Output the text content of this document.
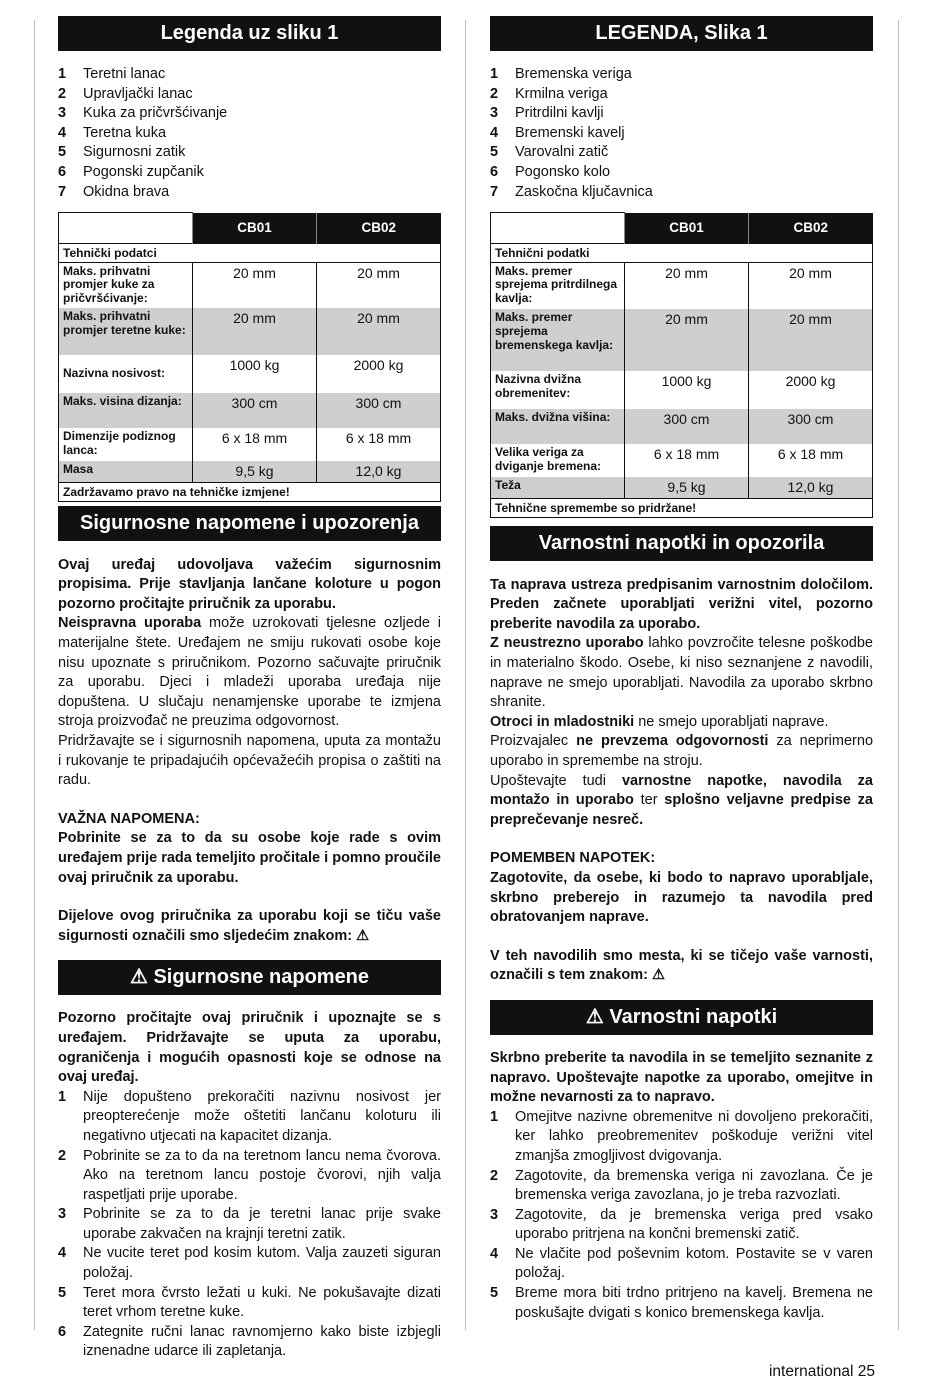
Legenda uz sliku 1
1	Teretni lanac
2	Upravljački lanac
3	Kuka za pričvršćivanje
4	Teretna kuka
5	Sigurnosni zatik
6	Pogonski zupčanik
7	Okidna brava
	CB01	CB02
Tehnički podatci		
Maks. prihvatni promjer kuke za pričvršćivanje:	20 mm	20 mm
Maks. prihvatni promjer teretne kuke:	20 mm	20 mm
Nazivna nosivost:	1000 kg	2000 kg
Maks. visina dizanja:	300 cm	300 cm
Dimenzije podiznog lanca:	6 x 18 mm	6 x 18 mm
Masa	9,5 kg	12,0 kg
Zadržavamo pravo na tehničke izmjene!		
Sigurnosne napomene i upozorenja

Ovaj uređaj udovoljava važećim sigurnosnim propisima. Prije stavljanja lančane koloture u pogon pozorno pročitajte priručnik za uporabu.

Neispravna uporaba može uzrokovati tjelesne ozljede i materijalne štete. Uređajem ne smiju rukovati osobe koje nisu upoznate s priručnikom. Pozorno sačuvajte priručnik za uporabu. Djeci i mladeži uporaba uređaja nije dopuštena. U slučaju nenamjenske uporabe te izmjena stroja proizvođač ne preuzima odgovornost.

Pridržavajte se i sigurnosnih napomena, uputa za montažu i rukovanje te pripadajućih općevažećih propisa o zaštiti na radu.

VAŽNA NAPOMENA:

Pobrinite se za to da su osobe koje rade s ovim uređajem prije rada temeljito pročitale i pomno proučile ovaj priručnik za uporabu.

Dijelove ovog priručnika za uporabu koji se tiču vaše sigurnosti označili smo sljedećim znakom: ⚠

⚠ Sigurnosne napomene

Pozorno pročitajte ovaj priručnik i upoznajte se s uređajem. Pridržavajte se uputa za uporabu, ograničenja i mogućih opasnosti koje se odnose na ovaj uređaj.

1	Nije dopušteno prekoračiti nazivnu nosivost jer preopterećenje može oštetiti lančanu koloturu ili negativno utjecati na kapacitet dizanja.
2	Pobrinite se za to da na teretnom lancu nema čvorova. Ako na teretnom lancu postoje čvorovi, njih valja raspetljati prije uporabe.
3	Pobrinite se za to da je teretni lanac prije svake uporabe zakvačen na krajnji teretni zatik.
4	Ne vucite teret pod kosim kutom. Valja zauzeti siguran položaj.
5	Teret mora čvrsto ležati u kuki. Ne pokušavajte dizati teret vrhom teretne kuke.
6	Zategnite ručni lanac ravnomjerno kako biste izbjegli iznenadne udarce ili zapletanja.
LEGENDA, Slika 1
1	Bremenska veriga
2	Krmilna veriga
3	Pritrdilni kavlji
4	Bremenski kavelj
5	Varovalni zatič
6	Pogonsko kolo
7	Zaskočna ključavnica
	CB01	CB02
Tehnični podatki		
Maks. premer sprejema pritrdilnega kavlja:	20 mm	20 mm
Maks. premer sprejema bremenskega kavlja:	20 mm	20 mm
Nazivna dvižna obremenitev:	1000 kg	2000 kg
Maks. dvižna višina:	300 cm	300 cm
Velika veriga za dviganje bremena:	6 x 18 mm	6 x 18 mm
Teža	9,5 kg	12,0 kg
Tehnične spremembe so pridržane!		
Varnostni napotki in opozorila

Ta naprava ustreza predpisanim varnostnim določilom. Preden začnete uporabljati verižni vitel, pozorno preberite navodila za uporabo.

Z neustrezno uporabo lahko povzročite telesne poškodbe in materialno škodo. Osebe, ki niso seznanjene z navodili, naprave ne smejo uporabljati. Navodila za uporabo skrbno shranite.

Otroci in mladostniki ne smejo uporabljati naprave.

Proizvajalec ne prevzema odgovornosti za neprimerno uporabo in spremembe na stroju.

Upoštevajte tudi varnostne napotke, navodila za montažo in uporabo ter splošno veljavne predpise za preprečevanje nesreč.

POMEMBEN NAPOTEK:

Zagotovite, da osebe, ki bodo to napravo uporabljale, skrbno preberejo in razumejo ta navodila pred obratovanjem naprave.

V teh navodilih smo mesta, ki se tičejo vaše varnosti, označili s tem znakom: ⚠

⚠ Varnostni napotki

Skrbno preberite ta navodila in se temeljito seznanite z napravo. Upoštevajte napotke za uporabo, omejitve in možne nevarnosti za to napravo.

1	Omejitve nazivne obremenitve ni dovoljeno prekoračiti, ker lahko preobremenitev poškoduje verižni vitel zmanjša zmogljivost dvigovanja.
2	Zagotovite, da bremenska veriga ni zavozlana. Če je bremenska veriga zavozlana, jo je treba razvozlati.
3	Zagotovite, da je bremenska veriga pred vsako uporabo pritrjena na končni bremenski zatič.
4	Ne vlačite pod poševnim kotom. Postavite se v varen položaj.
5	Breme mora biti trdno pritrjeno na kavelj. Bremena ne poskušajte dvigati s konico bremenskega kavlja.
international 25
